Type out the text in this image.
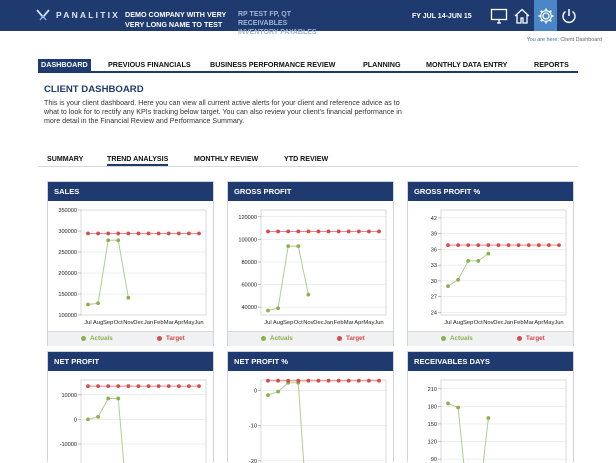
PANALITIX DEMO COMPANY WITH VERY VERY LONG NAME TO TEST
RP TEST FP, QT RECEIVABLES INVENTORY PAYABLES
FY JUL 14-JUN 15
You are here: Client Dashboard
DASHBOARD	PREVIOUS FINANCIALS	BUSINESS PERFORMANCE REVIEW	PLANNING	MONTHLY DATA ENTRY	REPORTS
CLIENT DASHBOARD
This is your client dashboard. Here you can view all current active alerts for your client and reference advice as to what to look for to rectify any KPIs tracking below target. You can also review your client's financial performance in more detail in the Financial Review and Performance Summary.
SUMMARY	TREND ANALYSIS	MONTHLY REVIEW	YTD REVIEW
SALES
100000
150000
200000
250000
300000
350000
Jul Aug Sep Oct Nov Dec Jan Feb Mar Apr May Jun
Actuals	Target
GROSS PROFIT
40000
60000
80000
100000
120000
Jul Aug Sep Oct Nov Dec Jan Feb Mar Apr May Jun
Actuals	Target
GROSS PROFIT %
24
27
30
33
36
39
42
Jul Aug Sep Oct Nov Dec Jan Feb Mar Apr May Jun
Actuals	Target
NET PROFIT
-10000
0
10000
NET PROFIT %
-20
-10
0
RECEIVABLES DAYS
90
120
150
180
210
